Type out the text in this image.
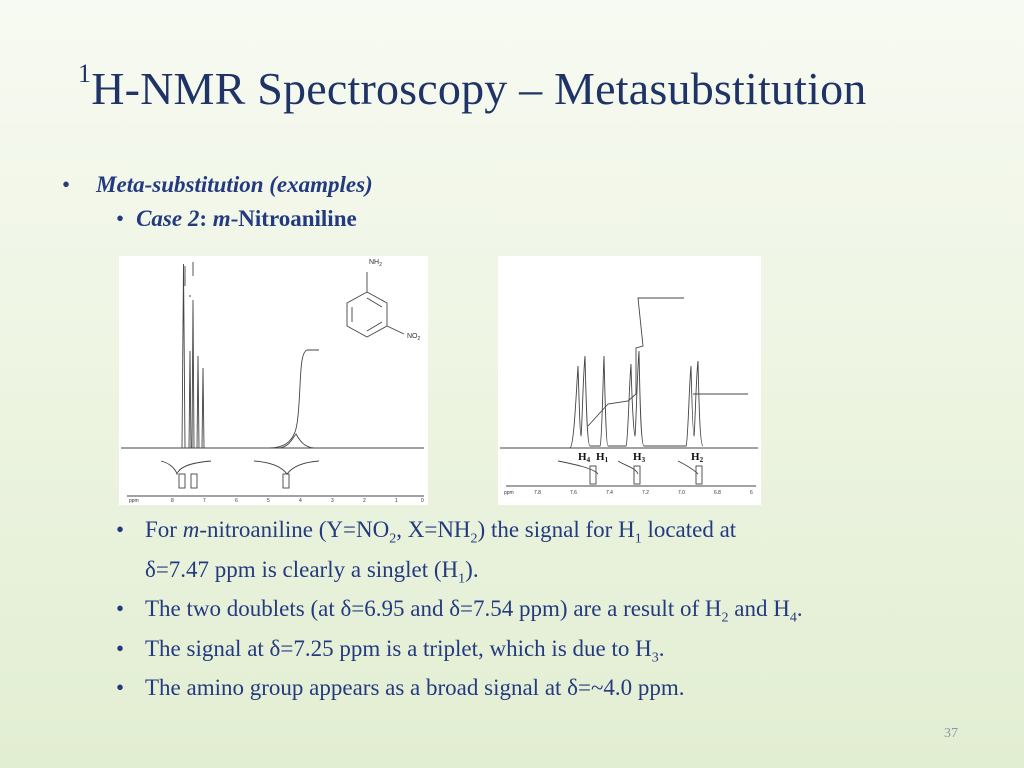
$^1$H-NMR Spectroscopy – Metasubstitution
• Meta-substitution (examples)
• Case 2: m-Nitroaniline
$NH_2$
$NO_2$
ppm	8	7	6	5	4	3	2	1	0
H4 H1 H3	H2
ppm	7.8	7.6	7.4	7.2	7.0	6.8	6
• For m-nitroaniline ($Y=NO_2$, $X=NH_2$) the signal for $H_1$ located at
δ=7.47 ppm is clearly a singlet $(H_1)$.
• The two doublets (at δ=6.95 and δ=7.54 ppm) are a result of $H_2$ and $H_4$.
• The signal at δ=7.25 ppm is a triplet, which is due to $H_3$.
• The amino group appears as a broad signal at δ=~4.0 ppm.
37
